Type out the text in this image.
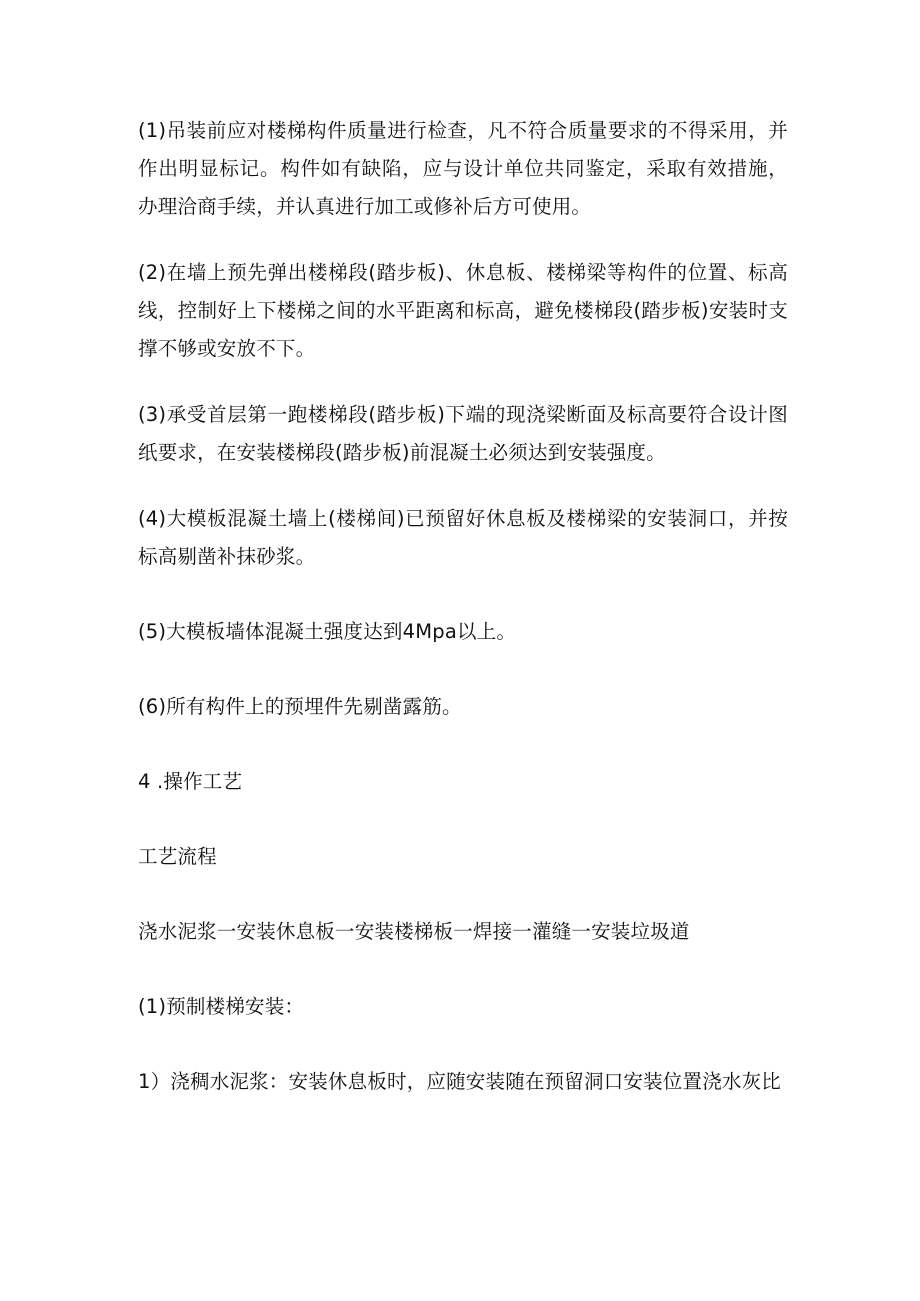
(1)吊装前应对楼梯构件质量进行检查，凡不符合质量要求的不得采用，并作出明显标记。构件如有缺陷，应与设计单位共同鉴定，采取有效措施，办理洽商手续，并认真进行加工或修补后方可使用。

(2)在墙上预先弹出楼梯段(踏步板)、休息板、楼梯梁等构件的位置、标高线，控制好上下楼梯之间的水平距离和标高，避免楼梯段(踏步板)安装时支撑不够或安放不下。

(3)承受首层第一跑楼梯段(踏步板)下端的现浇梁断面及标高要符合设计图纸要求，在安装楼梯段(踏步板)前混凝土必须达到安装强度。

(4)大模板混凝土墙上(楼梯间)已预留好休息板及楼梯梁的安装洞口，并按标高剔凿补抹砂浆。

(5)大模板墙体混凝土强度达到4Mpa以上。

(6)所有构件上的预埋件先剔凿露筋。

4 .操作工艺

工艺流程

浇水泥浆一安装休息板一安装楼梯板一焊接一灌缝一安装垃圾道

(1)预制楼梯安装：

1）浇稠水泥浆：安装休息板时，应随安装随在预留洞口安装位置浇水灰比
